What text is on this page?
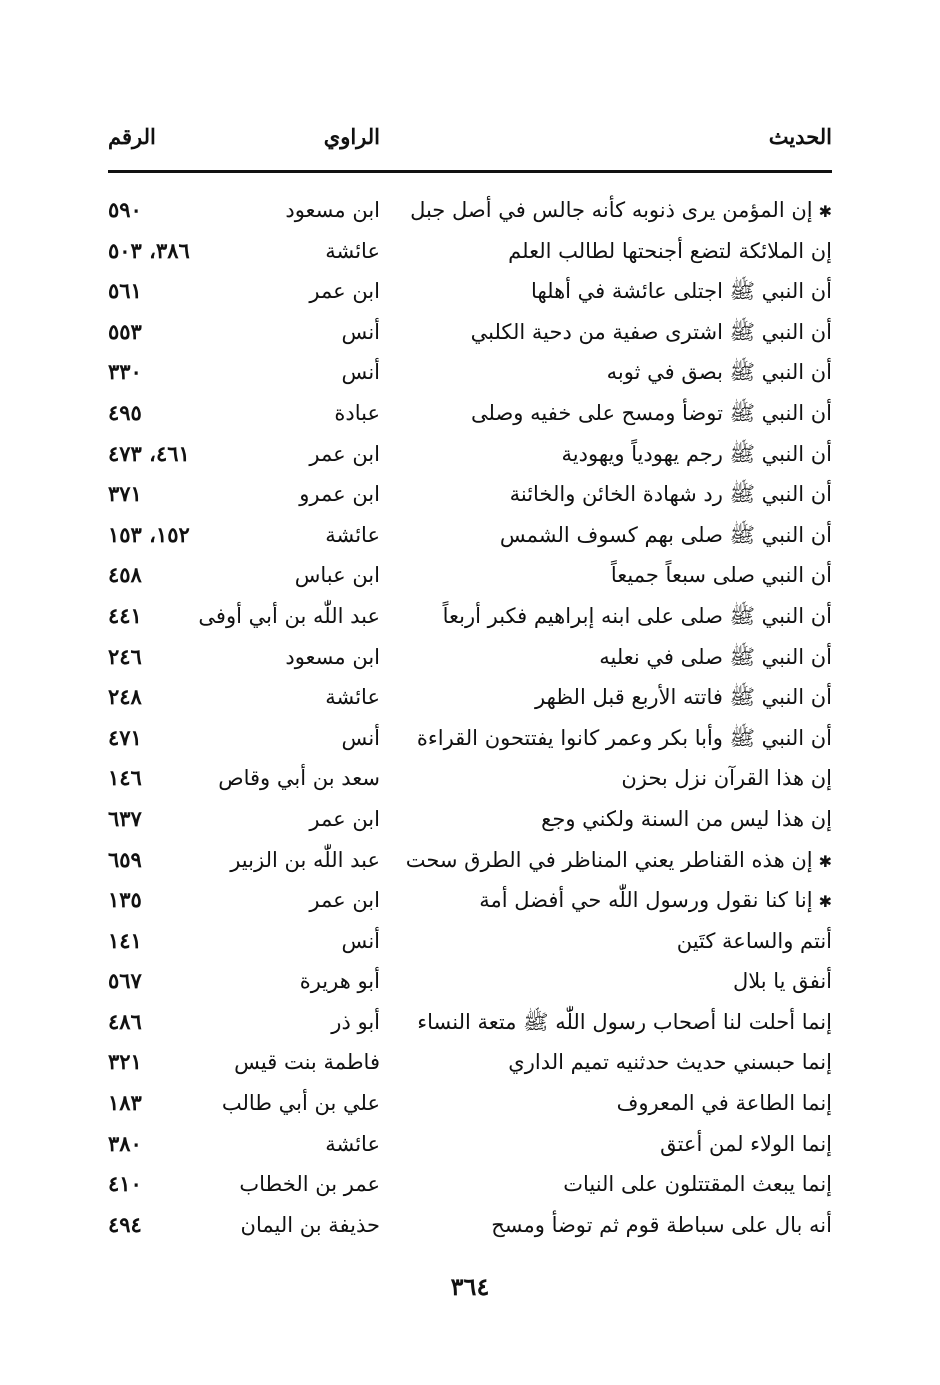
الحديث
الراوي
الرقم
✱إن المؤمن يرى ذنوبه كأنه جالس في أصل جبل
ابن مسعود
٥٩٠
إن الملائكة لتضع أجنحتها لطالب العلم
عائشة
٣٨٦، ٥٠٣
أن النبي ﷺ اجتلى عائشة في أهلها
ابن عمر
٥٦١
أن النبي ﷺ اشترى صفية من دحية الكلبي
أنس
٥٥٣
أن النبي ﷺ بصق في ثوبه
أنس
٣٣٠
أن النبي ﷺ توضأ ومسح على خفيه وصلى
عبادة
٤٩٥
أن النبي ﷺ رجم يهودياً ويهودية
ابن عمر
٤٦١، ٤٧٣
أن النبي ﷺ رد شهادة الخائن والخائنة
ابن عمرو
٣٧١
أن النبي ﷺ صلى بهم كسوف الشمس
عائشة
١٥٢، ١٥٣
أن النبي صلى سبعاً جميعاً
ابن عباس
٤٥٨
أن النبي ﷺ صلى على ابنه إبراهيم فكبر أربعاً
عبد اللّٰه بن أبي أوفى
٤٤١
أن النبي ﷺ صلى في نعليه
ابن مسعود
٢٤٦
أن النبي ﷺ فاتته الأربع قبل الظهر
عائشة
٢٤٨
أن النبي ﷺ وأبا بكر وعمر كانوا يفتتحون القراءة
أنس
٤٧١
إن هذا القرآن نزل بحزن
سعد بن أبي وقاص
١٤٦
إن هذا ليس من السنة ولكني وجع
ابن عمر
٦٣٧
✱إن هذه القناطر يعني المناظر في الطرق سحت
عبد اللّٰه بن الزبير
٦٥٩
✱إنا كنا نقول ورسول اللّٰه حي أفضل أمة
ابن عمر
١٣٥
أنتم والساعة كتَين
أنس
١٤١
أنفق يا بلال
أبو هريرة
٥٦٧
إنما أحلت لنا أصحاب رسول اللّٰه ﷺ متعة النساء
أبو ذر
٤٨٦
إنما حبسني حديث حدثنيه تميم الداري
فاطمة بنت قيس
٣٢١
إنما الطاعة في المعروف
علي بن أبي طالب
١٨٣
إنما الولاء لمن أعتق
عائشة
٣٨٠
إنما يبعث المقتتلون على النيات
عمر بن الخطاب
٤١٠
أنه بال على سباطة قوم ثم توضأ ومسح
حذيفة بن اليمان
٤٩٤
٣٦٤
